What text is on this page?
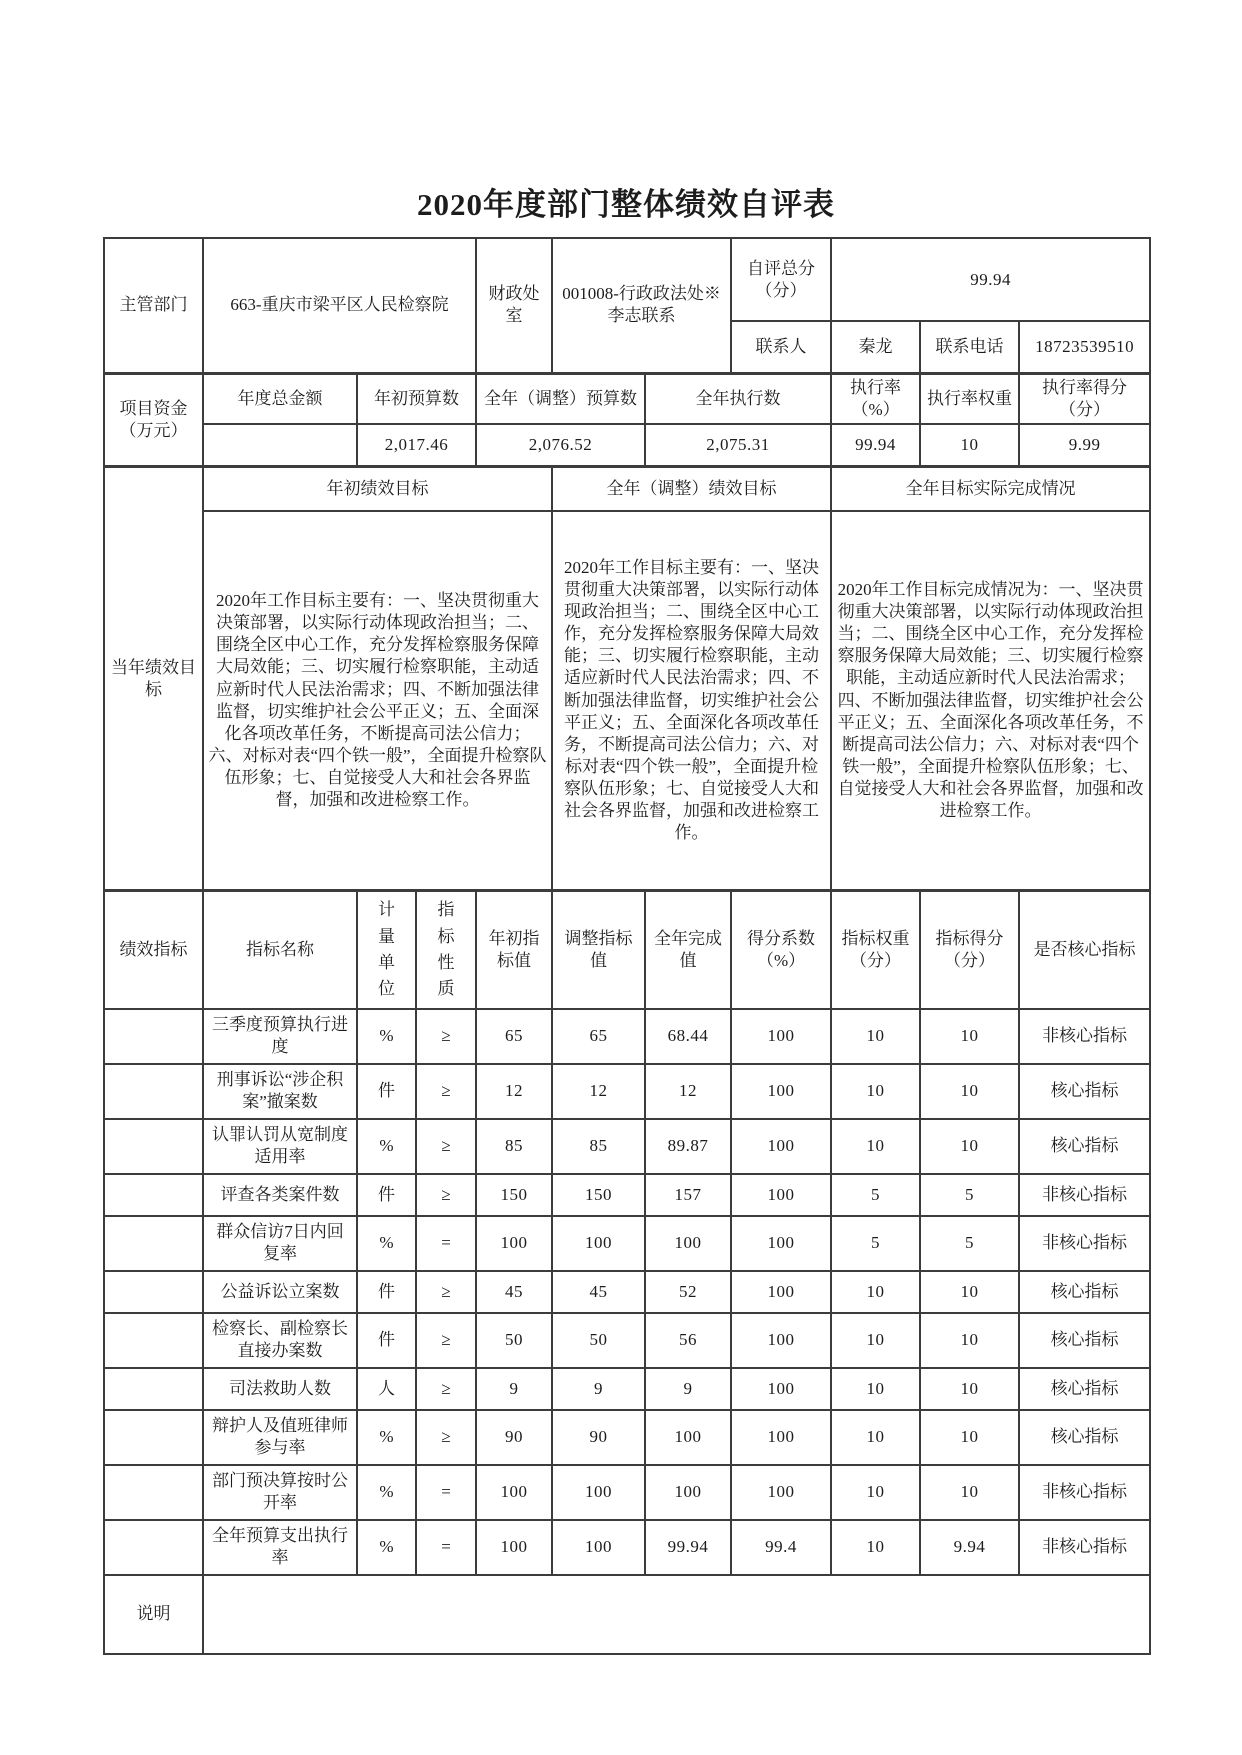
2020年度部门整体绩效自评表
主管部门	663-重庆市梁平区人民检察院			财政处室	001008-行政政法处※李志联系		自评总分（分）	99.94		
							联系人	秦龙	联系电话	18723539510
项目资金（万元）	年度总金额	年初预算数		全年（调整）预算数		全年执行数		执行率（%）	执行率权重	执行率得分（分）
		2,017.46		2,076.52		2,075.31		99.94	10	9.99
当年绩效目标	年初绩效目标				全年（调整）绩效目标			全年目标实际完成情况		
	2020年工作目标主要有：一、坚决贯彻重大决策部署，以实际行动体现政治担当；二、围绕全区中心工作，充分发挥检察服务保障大局效能；三、切实履行检察职能，主动适应新时代人民法治需求；四、不断加强法律监督，切实维护社会公平正义；五、全面深化各项改革任务，不断提高司法公信力；六、对标对表“四个铁一般”，全面提升检察队伍形象；七、自觉接受人大和社会各界监督，加强和改进检察工作。				2020年工作目标主要有：一、坚决贯彻重大决策部署，以实际行动体现政治担当；二、围绕全区中心工作，充分发挥检察服务保障大局效能；三、切实履行检察职能，主动适应新时代人民法治需求；四、不断加强法律监督，切实维护社会公平正义；五、全面深化各项改革任务，不断提高司法公信力；六、对标对表“四个铁一般”，全面提升检察队伍形象；七、自觉接受人大和社会各界监督，加强和改进检察工作。			2020年工作目标完成情况为：一、坚决贯彻重大决策部署，以实际行动体现政治担当；二、围绕全区中心工作，充分发挥检察服务保障大局效能；三、切实履行检察职能，主动适应新时代人民法治需求；四、不断加强法律监督，切实维护社会公平正义；五、全面深化各项改革任务，不断提高司法公信力；六、对标对表“四个铁一般”，全面提升检察队伍形象；七、自觉接受人大和社会各界监督，加强和改进检察工作。		
绩效指标	指标名称	计量单位	指标性质	年初指标值	调整指标值	全年完成值	得分系数（%）	指标权重（分）	指标得分（分）	是否核心指标
	三季度预算执行进度	%	≥	65	65	68.44	100	10	10	非核心指标
	刑事诉讼“涉企积案”撤案数	件	≥	12	12	12	100	10	10	核心指标
	认罪认罚从宽制度适用率	%	≥	85	85	89.87	100	10	10	核心指标
	评查各类案件数	件	≥	150	150	157	100	5	5	非核心指标
	群众信访7日内回复率	%	=	100	100	100	100	5	5	非核心指标
	公益诉讼立案数	件	≥	45	45	52	100	10	10	核心指标
	检察长、副检察长直接办案数	件	≥	50	50	56	100	10	10	核心指标
	司法救助人数	人	≥	9	9	9	100	10	10	核心指标
	辩护人及值班律师参与率	%	≥	90	90	100	100	10	10	核心指标
	部门预决算按时公开率	%	=	100	100	100	100	10	10	非核心指标
	全年预算支出执行率	%	=	100	100	99.94	99.4	10	9.94	非核心指标
说明										
